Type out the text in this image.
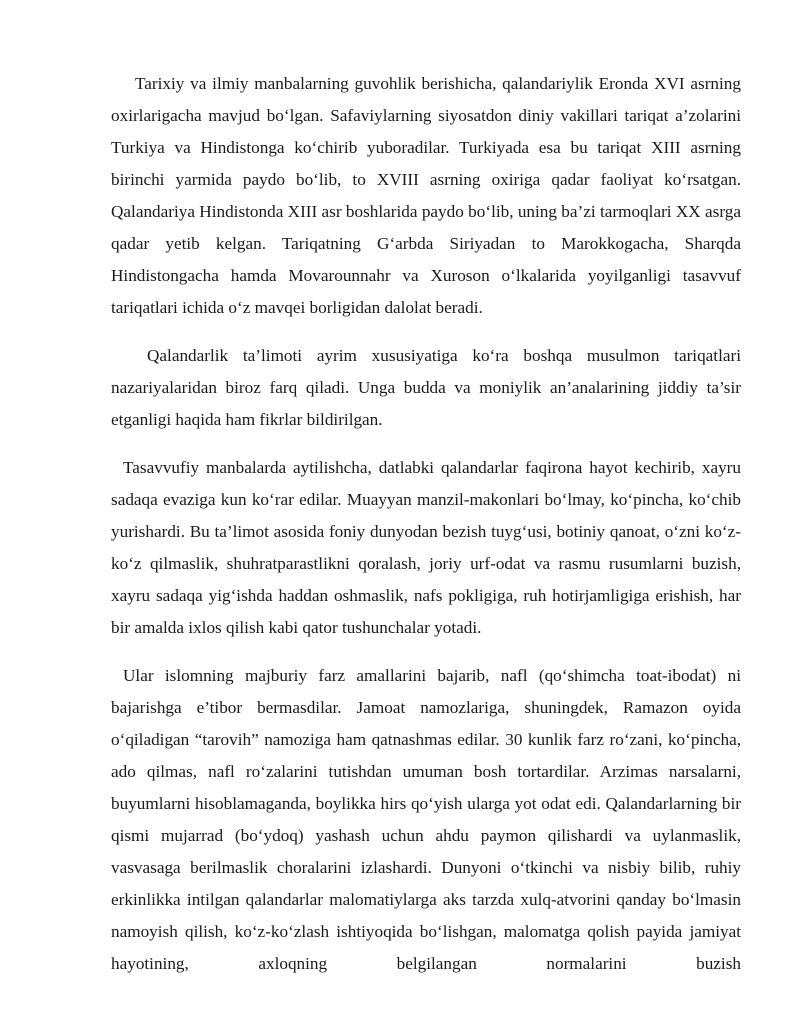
Tarixiy va ilmiy manbalarning guvohlik berishicha, qalandariylik Eronda XVI asrning oxirlarigacha mavjud bo‘lgan. Safaviylarning siyosatdon diniy vakillari tariqat a’zolarini Turkiya va Hindistonga ko‘chirib yuboradilar. Turkiyada esa bu tariqat XIII asrning birinchi yarmida paydo bo‘lib, to XVIII asrning oxiriga qadar faoliyat ko‘rsatgan. Qalandariya Hindistonda XIII asr boshlarida paydo bo‘lib, uning ba’zi tarmoqlari XX asrga qadar yetib kelgan. Tariqatning G‘arbda Siriyadan to Marokkogacha, Sharqda Hindistongacha hamda Movarounnahr va Xuroson o‘lkalarida yoyilganligi tasavvuf tariqatlari ichida o‘z mavqei borligidan dalolat beradi.

Qalandarlik ta’limoti ayrim xususiyatiga ko‘ra boshqa musulmon tariqatlari nazariyalaridan biroz farq qiladi. Unga budda va moniylik an’analarining jiddiy ta’sir etganligi haqida ham fikrlar bildirilgan.

Tasavvufiy manbalarda aytilishcha, datlabki qalandarlar faqirona hayot kechirib, xayru sadaqa evaziga kun ko‘rar edilar. Muayyan manzil-makonlari bo‘lmay, ko‘pincha, ko‘chib yurishardi. Bu ta’limot asosida foniy dunyodan bezish tuyg‘usi, botiniy qanoat, o‘zni ko‘z-ko‘z qilmaslik, shuhratparastlikni qoralash, joriy urf-odat va rasmu rusumlarni buzish, xayru sadaqa yig‘ishda haddan oshmaslik, nafs pokligiga, ruh hotirjamligiga erishish, har bir amalda ixlos qilish kabi qator tushunchalar yotadi.

Ular islomning majburiy farz amallarini bajarib, nafl (qo‘shimcha toat-ibodat) ni bajarishga e’tibor bermasdilar. Jamoat namozlariga, shuningdek, Ramazon oyida o‘qiladigan “tarovih” namoziga ham qatnashmas edilar. 30 kunlik farz ro‘zani, ko‘pincha, ado qilmas, nafl ro‘zalarini tutishdan umuman bosh tortardilar. Arzimas narsalarni, buyumlarni hisoblamaganda, boylikka hirs qo‘yish ularga yot odat edi. Qalandarlarning bir qismi mujarrad (bo‘ydoq) yashash uchun ahdu paymon qilishardi va uylanmaslik, vasvasaga berilmaslik choralarini izlashardi. Dunyoni o‘tkinchi va nisbiy bilib, ruhiy erkinlikka intilgan qalandarlar malomatiylarga aks tarzda xulq-atvorini qanday bo‘lmasin namoyish qilish, ko‘z-ko‘zlash ishtiyoqida bo‘lishgan, malomatga qolish payida jamiyat hayotining, axloqning belgilangan normalarini buzish
